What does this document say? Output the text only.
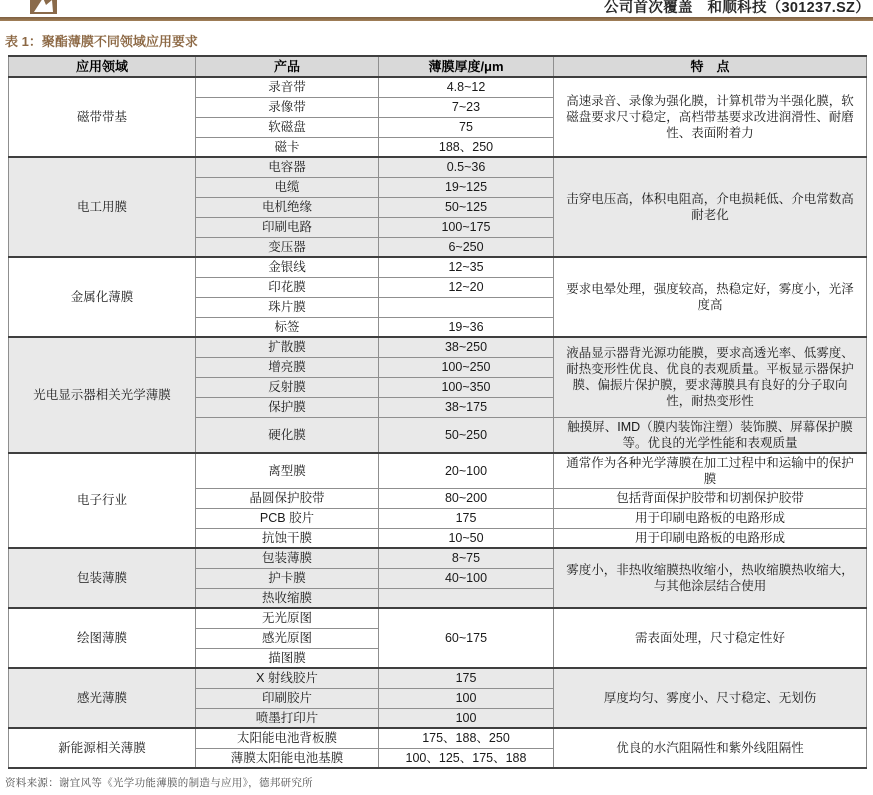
公司首次覆盖　和顺科技（301237.SZ）
表 1：聚酯薄膜不同领域应用要求
应用领域	产品	薄膜厚度/μm	特　点
磁带带基	录音带	4.8~12	高速录音、录像为强化膜，计算机带为半强化膜，软磁盘要求尺寸稳定，高档带基要求改进润滑性、耐磨性、表面附着力
	录像带	7~23	
	软磁盘	75	
	磁卡	188、250	
电工用膜	电容器	0.5~36	击穿电压高，体积电阻高，介电损耗低、介电常数高耐老化
	电缆	19~125	
	电机绝缘	50~125	
	印刷电路	100~175	
	变压器	6~250	
金属化薄膜	金银线	12~35	要求电晕处理，强度较高，热稳定好，雾度小，光泽度高
	印花膜	12~20	
	珠片膜		
	标签	19~36	
光电显示器相关光学薄膜	扩散膜	38~250	液晶显示器背光源功能膜，要求高透光率、低雾度、耐热变形性优良、优良的表观质量。平板显示器保护膜、偏振片保护膜，要求薄膜具有良好的分子取向性，耐热变形性
	增亮膜	100~250	
	反射膜	100~350	
	保护膜	38~175	
	硬化膜	50~250	触摸屏、IMD（膜内装饰注塑）装饰膜、屏幕保护膜等。优良的光学性能和表观质量
电子行业	离型膜	20~100	通常作为各种光学薄膜在加工过程中和运输中的保护膜
	晶圆保护胶带	80~200	包括背面保护胶带和切割保护胶带
	PCB 胶片	175	用于印刷电路板的电路形成
	抗蚀干膜	10~50	用于印刷电路板的电路形成
包装薄膜	包装薄膜	8~75	雾度小，非热收缩膜热收缩小，热收缩膜热收缩大，与其他涂层结合使用
	护卡膜	40~100	
	热收缩膜		
绘图薄膜	无光原图	60~175	需表面处理，尺寸稳定性好
	感光原图		
	描图膜		
感光薄膜	X 射线胶片	175	厚度均匀、雾度小、尺寸稳定、无划伤
	印刷胶片	100	
	喷墨打印片	100	
新能源相关薄膜	太阳能电池背板膜	175、188、250	优良的水汽阻隔性和紫外线阻隔性
	薄膜太阳能电池基膜	100、125、175、188	
资料来源：谢宜风等《光学功能薄膜的制造与应用》，德邦研究所
